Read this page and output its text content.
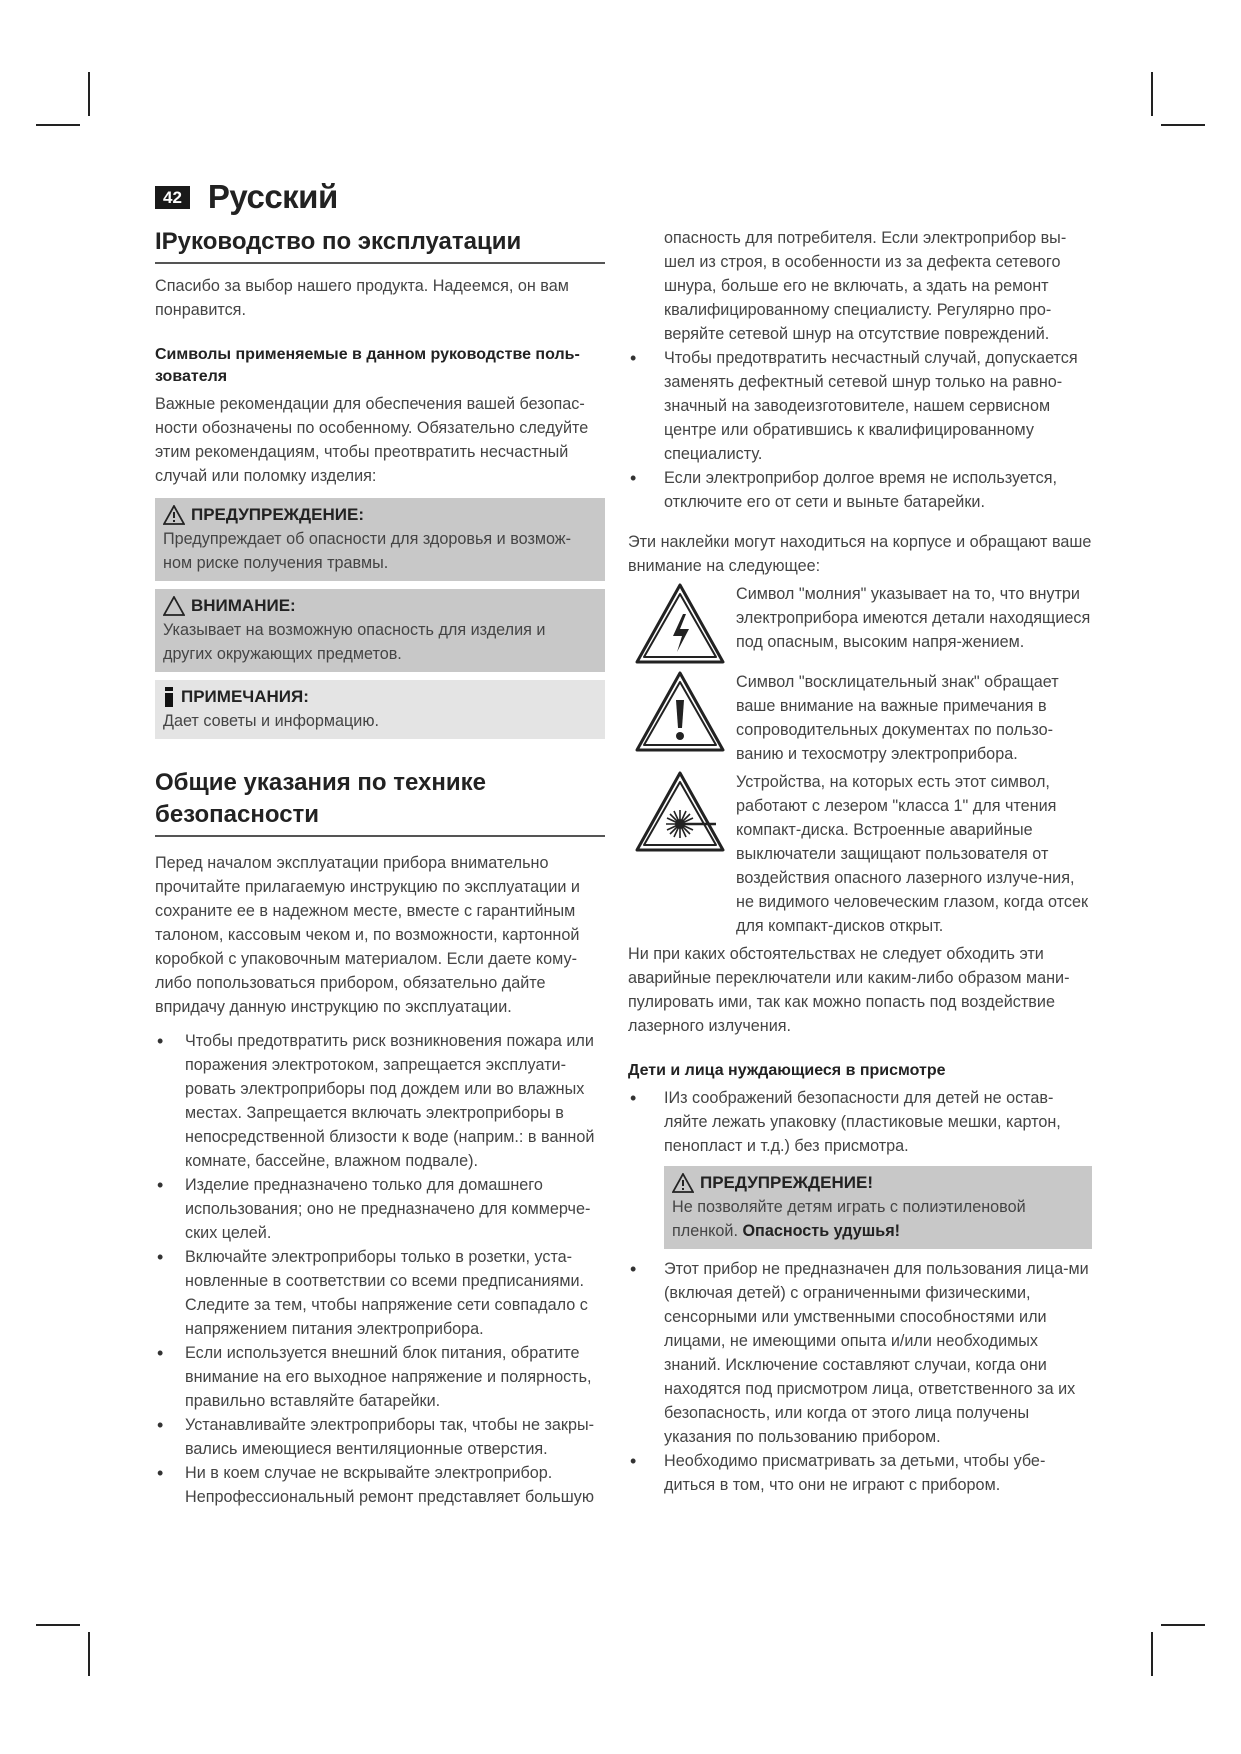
42 Русский
IРуководство по эксплуатации

Спасибо за выбор нашего продукта. Надеемся, он вам понравится.

Символы применяемые в данном руководстве поль-зователя

Важные рекомендации для обеспечения вашей безопас-ности обозначены по особенному. Обязательно следуйте этим рекомендациям, чтобы преотвратить несчастный случай или поломку изделия:

ПРЕДУПРЕЖДЕНИЕ:
Предупреждает об опасности для здоровья и возмож-ном риске получения травмы.
ВНИМАНИЕ:
Указывает на возможную опасность для изделия и других окружающих предметов.
ПРИМЕЧАНИЯ:
Дает советы и информацию.
Общие указания по технике
безопасности

Перед началом эксплуатации прибора внимательно прочитайте прилагаемую инструкцию по эксплуатации и сохраните ее в надежном месте, вместе с гарантийным талоном, кассовым чеком и, по возможности, картонной коробкой с упаковочным материалом. Если даете кому-либо попользоваться прибором, обязательно дайте впридачу данную инструкцию по эксплуатации.

• Чтобы предотвратить риск возникновения пожара или поражения электротоком, запрещается эксплуати-ровать электроприборы под дождем или во влажных местах. Запрещается включать электроприборы в непосредственной близости к воде (наприм.: в ванной комнате, бассейне, влажном подвале).
• Изделие предназначено только для домашнего использования; оно не предназначено для коммерче-ских целей.
• Включайте электроприборы только в розетки, уста-новленные в соответствии со всеми предписаниями. Следите за тем, чтобы напряжение сети совпадало с напряжением питания электроприбора.
• Если используется внешний блок питания, обратите внимание на его выходное напряжение и полярность, правильно вставляйте батарейки.
• Устанавливайте электроприборы так, чтобы не закры-вались имеющиеся вентиляционные отверстия.
• Ни в коем случае не вскрывайте электроприбор. Непрофессиональный ремонт представляет большую

опасность для потребителя. Если электроприбор вы-шел из строя, в особенности из за дефекта сетевого шнура, больше его не включать, а здать на ремонт квалифицированному специалисту. Регулярно про-веряйте сетевой шнур на отсутствие повреждений.

• Чтобы предотвратить несчастный случай, допускается заменять дефектный сетевой шнур только на равно-значный на заводеизготовителе, нашем сервисном центре или обратившись к квалифицированному специалисту.
• Если электроприбор долгое время не используется, отключите его от сети и выньте батарейки.

Эти наклейки могут находиться на корпусе и обращают ваше внимание на следующее:

Символ "молния" указывает на то, что внутри электроприбора имеются детали находящиеся под опасным, высоким напря-жением.
Символ "восклицательный знак" обращает ваше внимание на важные примечания в сопроводительных документах по пользо-ванию и техосмотру электроприбора.
Устройства, на которых есть этот символ, работают с лезером "класса 1" для чтения компакт-диска. Встроенные аварийные выключатели защищают пользователя от воздействия опасного лазерного излуче-ния, не видимого человеческим глазом, когда отсек для компакт-дисков открыт.

Ни при каких обстоятельствах не следует обходить эти аварийные переключатели или каким-либо образом мани-пулировать ими, так как можно попасть под воздействие лазерного излучения.

Дети и лица нуждающиеся в присмотре
• IИз соображений безопасности для детей не остав-ляйте лежать упаковку (пластиковые мешки, картон, пенопласт и т.д.) без присмотра.
ПРЕДУПРЕЖДЕНИЕ!
Не позволяйте детям играть с полиэтиленовой пленкой. Опасность удушья!
• Этот прибор не предназначен для пользования лица-ми (включая детей) с ограниченными физическими, сенсорными или умственными способностями или лицами, не имеющими опыта и/или необходимых знаний. Исключение составляют случаи, когда они находятся под присмотром лица, ответственного за их безопасность, или когда от этого лица получены указания по пользованию прибором.
• Необходимо присматривать за детьми, чтобы убе-диться в том, что они не играют с прибором.
